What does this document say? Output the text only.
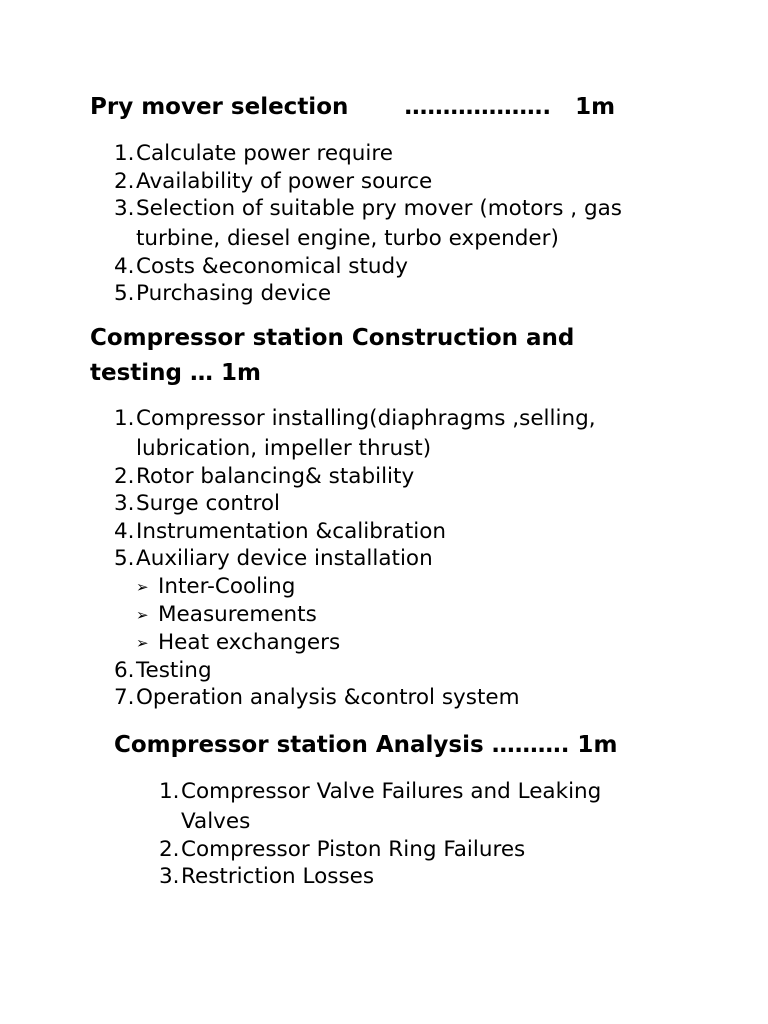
Pry mover selection       ……………….   1m
1. Calculate power require
2. Availability of power source
3. Selection of suitable pry mover (motors , gas turbine, diesel engine, turbo expender)
4. Costs &economical study
5. Purchasing device
Compressor station Construction and
testing … 1m
1. Compressor installing(diaphragms ,selling, lubrication, impeller thrust)
2. Rotor balancing& stability
3. Surge control
4. Instrumentation &calibration
5. Auxiliary device installation
➢ Inter-Cooling
➢ Measurements
➢ Heat exchangers
6. Testing
7. Operation analysis &control system
Compressor station Analysis ………. 1m
1. Compressor Valve Failures and Leaking Valves
2. Compressor Piston Ring Failures
3. Restriction Losses
